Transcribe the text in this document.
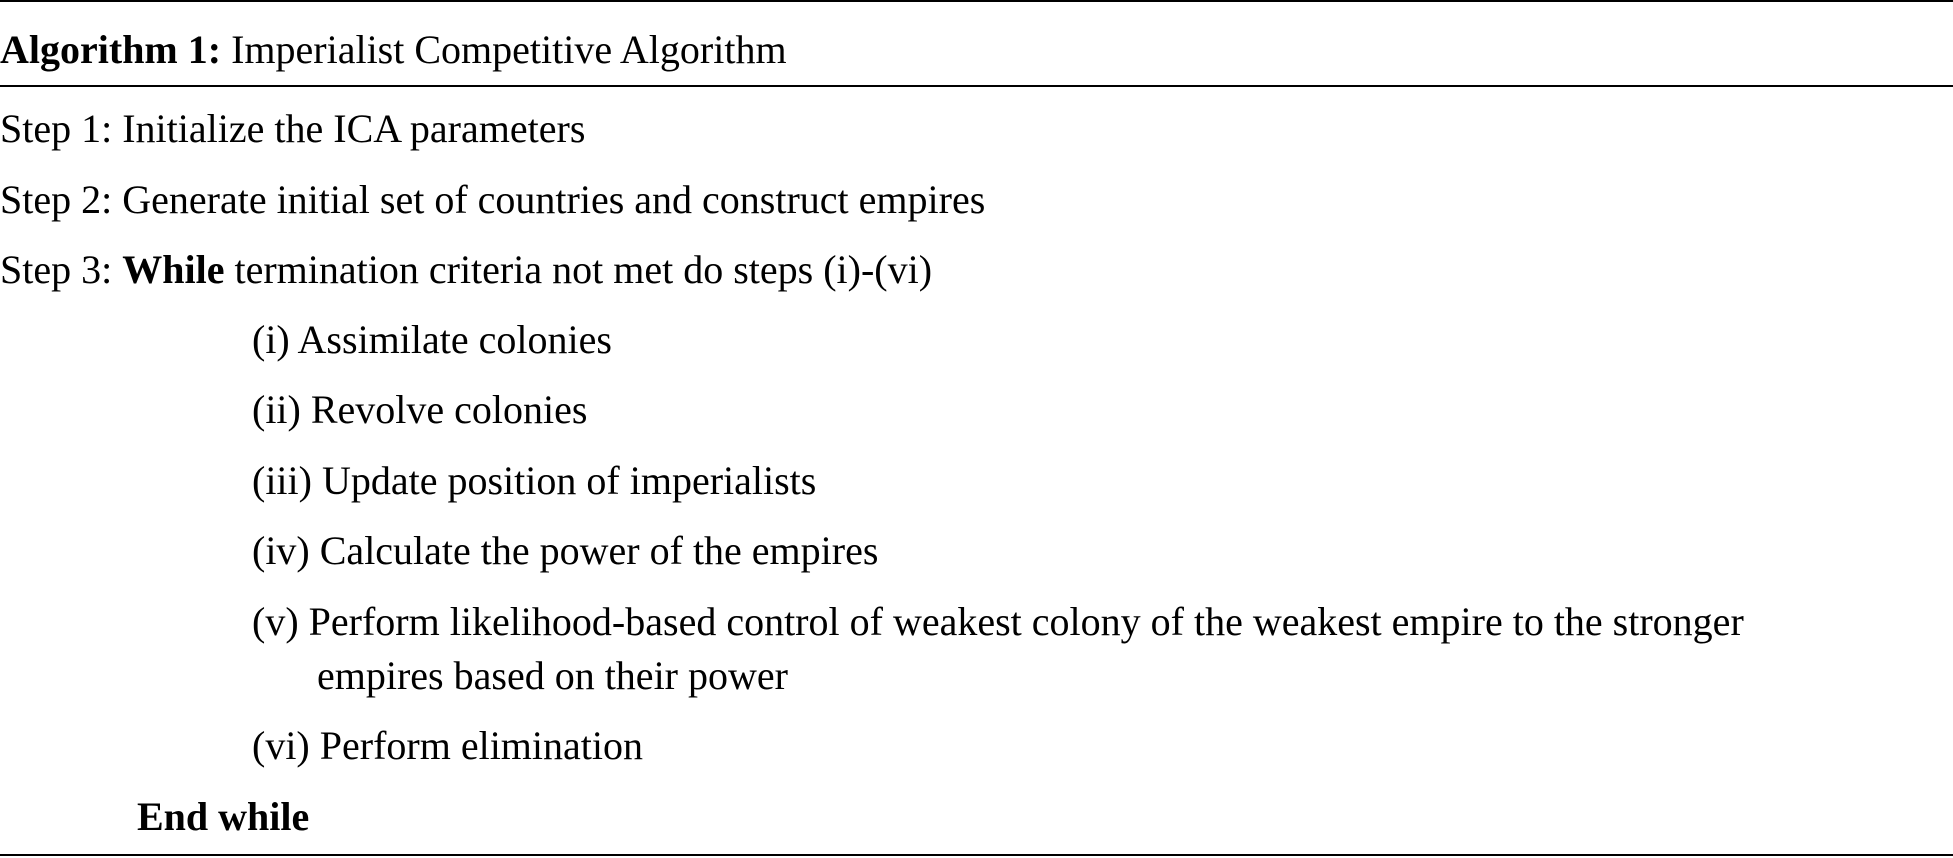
Algorithm 1: Imperialist Competitive Algorithm
Step 1: Initialize the ICA parameters
Step 2: Generate initial set of countries and construct empires
Step 3: While termination criteria not met do steps (i)-(vi)
(i) Assimilate colonies
(ii) Revolve colonies
(iii) Update position of imperialists
(iv) Calculate the power of the empires
(v) Perform likelihood-based control of weakest colony of the weakest empire to the stronger
empires based on their power
(vi) Perform elimination
End while
